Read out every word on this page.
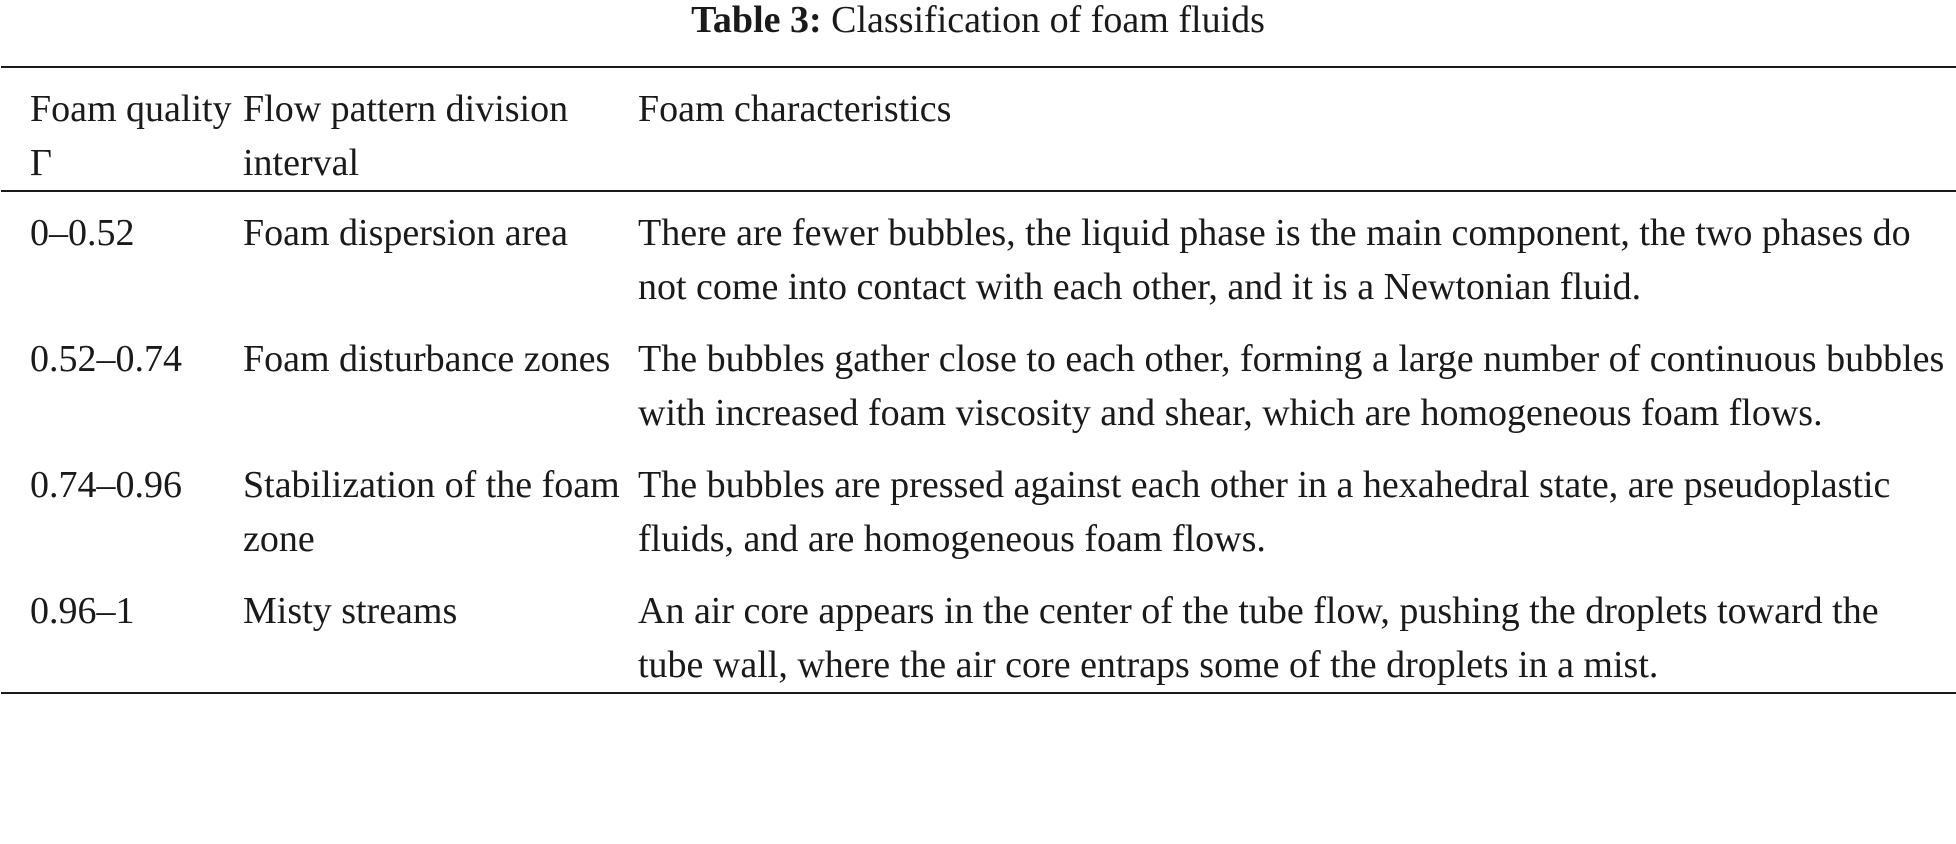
Table 3: Classification of foam fluids
Foam quality Γ	Flow pattern division interval	Foam characteristics

0–0.52	Foam dispersion area	There are fewer bubbles, the liquid phase is the main component, the two phases do not come into contact with each other, and it is a Newtonian fluid.
0.52–0.74	Foam disturbance zones	The bubbles gather close to each other, forming a large number of continuous bubbles with increased foam viscosity and shear, which are homogeneous foam flows.
0.74–0.96	Stabilization of the foam zone	The bubbles are pressed against each other in a hexahedral state, are pseudoplastic fluids, and are homogeneous foam flows.
0.96–1	Misty streams	An air core appears in the center of the tube flow, pushing the droplets toward the tube wall, where the air core entraps some of the droplets in a mist.
